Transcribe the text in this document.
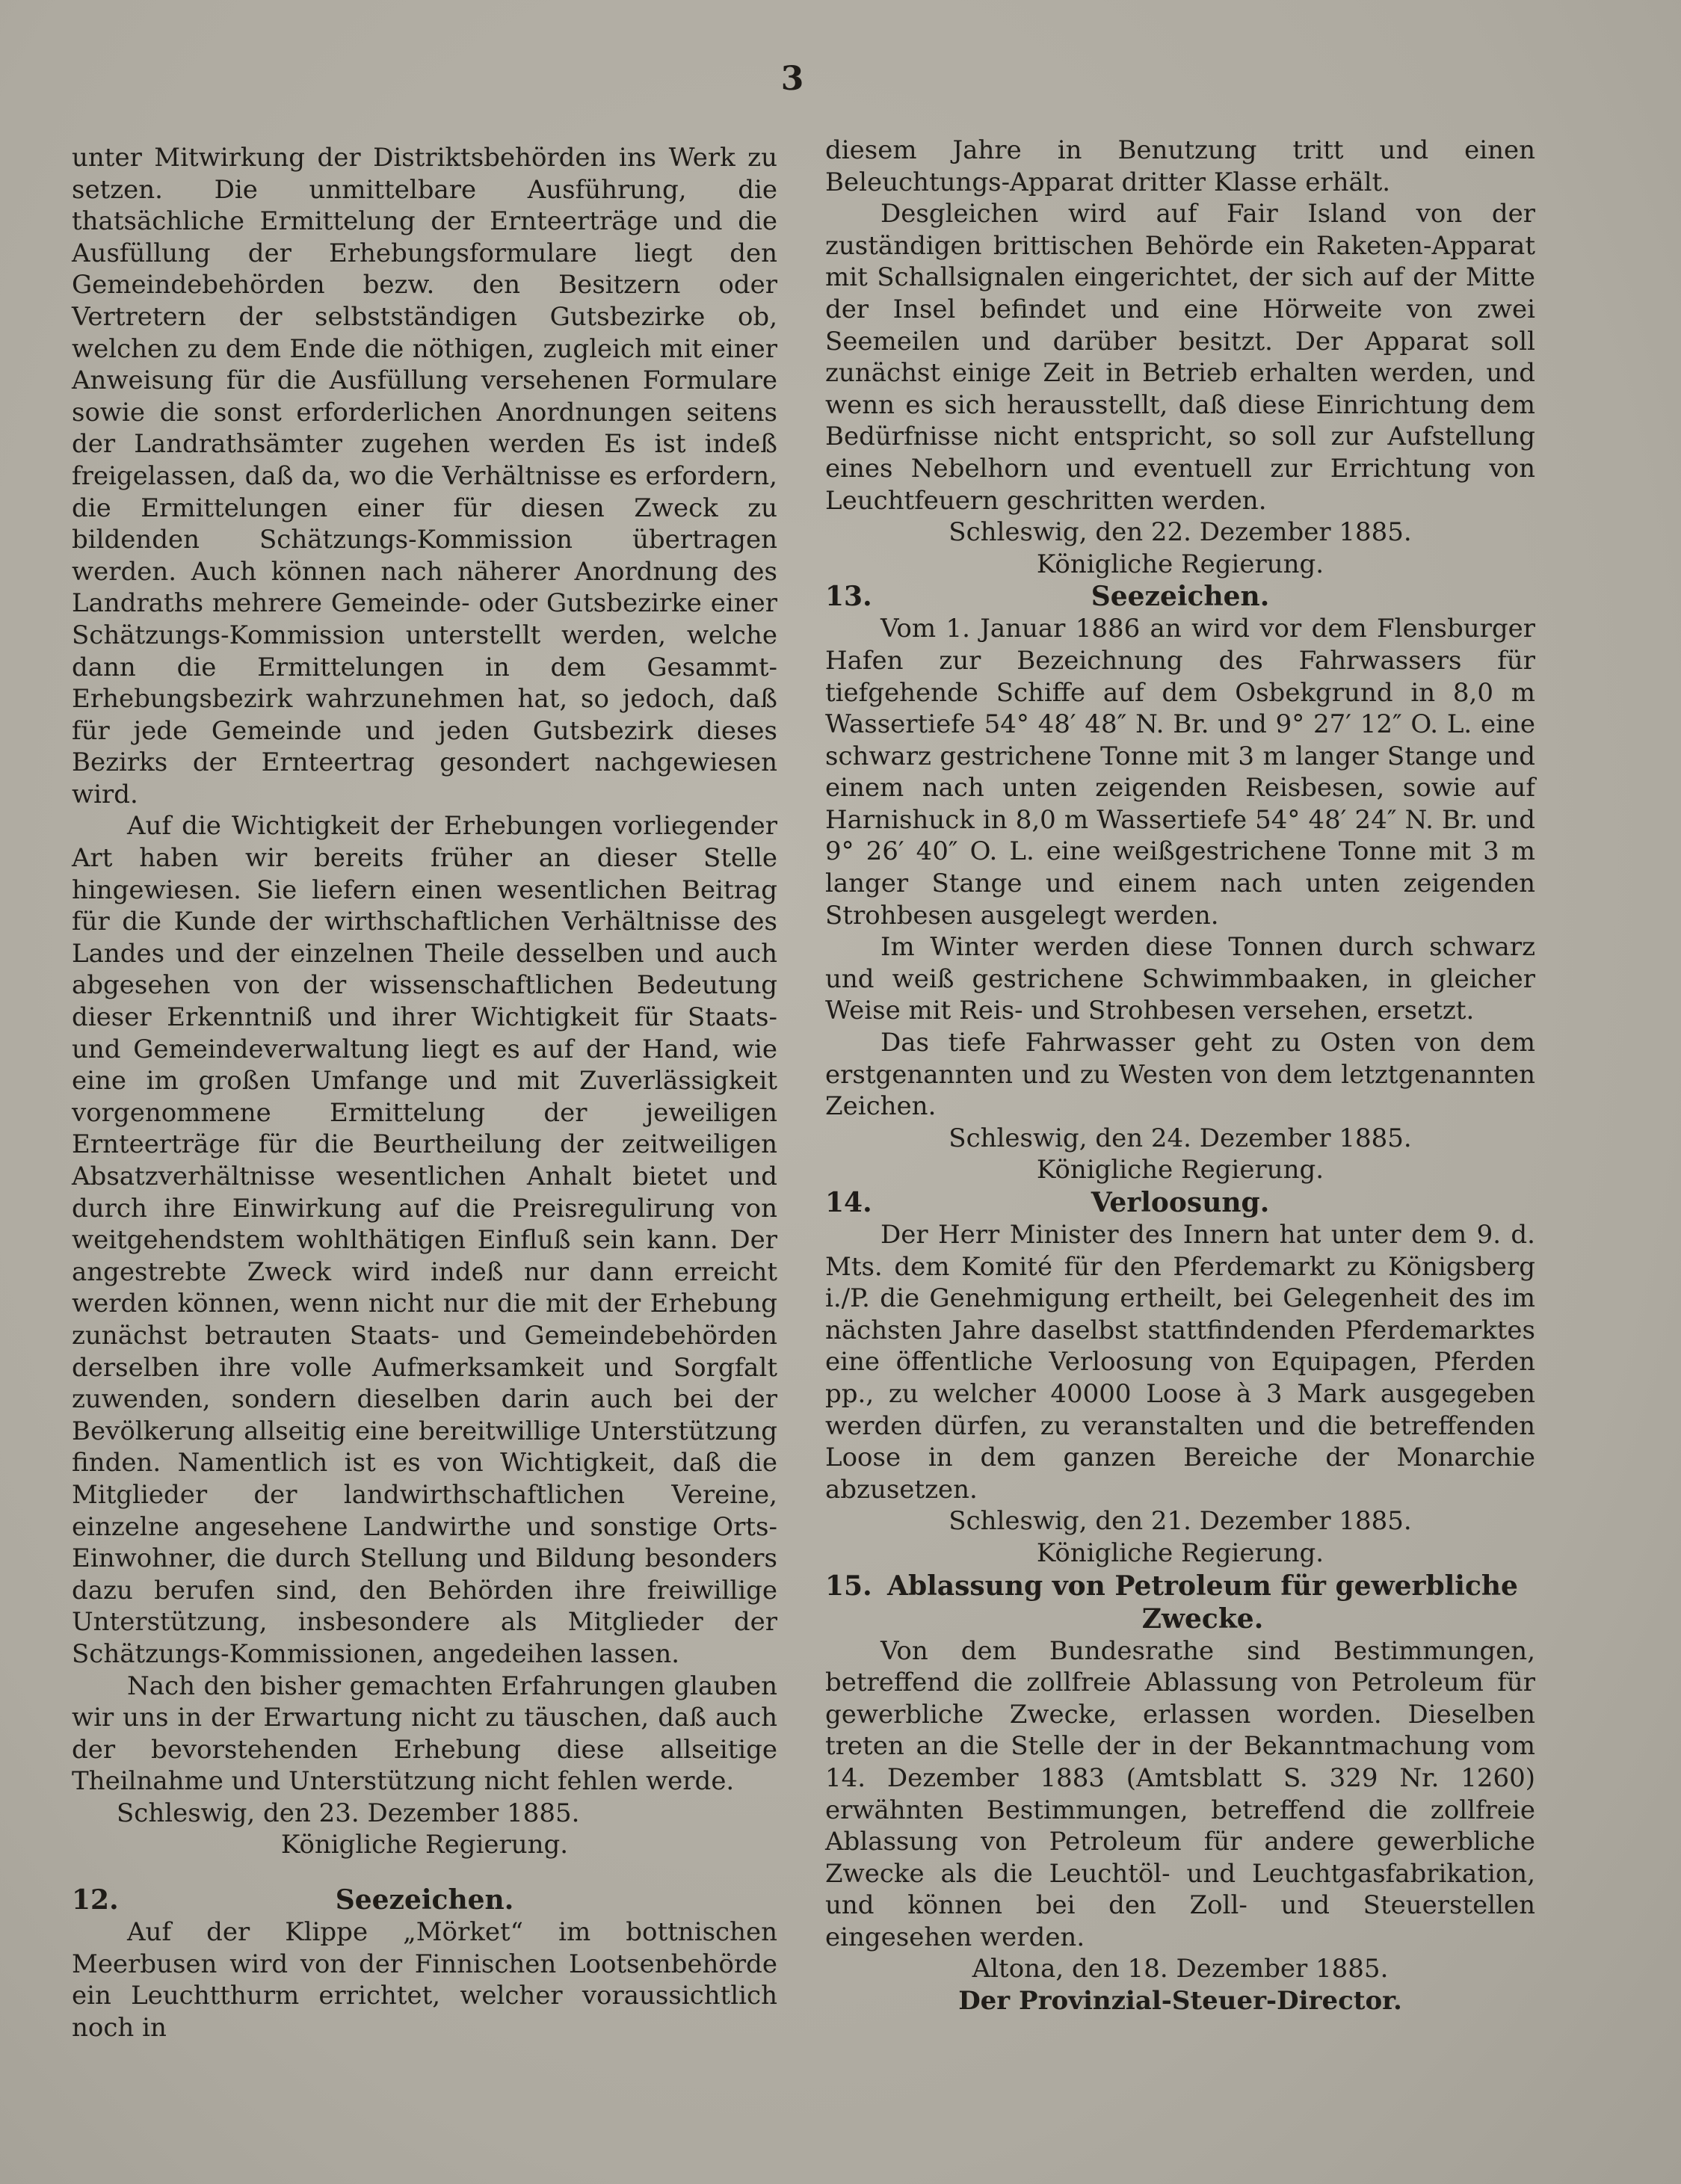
3

unter Mitwirkung der Distriktsbehörden ins Werk zu setzen. Die unmittelbare Ausführung, die thatsächliche Ermittelung der Ernteerträge und die Ausfüllung der Erhebungsformulare liegt den Gemeindebehörden bezw. den Besitzern oder Vertretern der selbstständigen Gutsbezirke ob, welchen zu dem Ende die nöthigen, zugleich mit einer Anweisung für die Ausfüllung versehenen Formulare sowie die sonst erforderlichen Anordnungen seitens der Landrathsämter zugehen werden Es ist indeß freigelassen, daß da, wo die Verhältnisse es erfordern, die Ermittelungen einer für diesen Zweck zu bildenden Schätzungs-Kommission übertragen werden. Auch können nach näherer Anordnung des Landraths mehrere Gemeinde- oder Gutsbezirke einer Schätzungs-Kommission unterstellt werden, welche dann die Ermittelungen in dem Gesammt-Erhebungsbezirk wahrzunehmen hat, so jedoch, daß für jede Gemeinde und jeden Gutsbezirk dieses Bezirks der Ernteertrag gesondert nachgewiesen wird.

Auf die Wichtigkeit der Erhebungen vorliegender Art haben wir bereits früher an dieser Stelle hingewiesen. Sie liefern einen wesentlichen Beitrag für die Kunde der wirthschaftlichen Verhältnisse des Landes und der einzelnen Theile desselben und auch abgesehen von der wissenschaftlichen Bedeutung dieser Erkenntniß und ihrer Wichtigkeit für Staats- und Gemeindeverwaltung liegt es auf der Hand, wie eine im großen Umfange und mit Zuverlässigkeit vorgenommene Ermittelung der jeweiligen Ernteerträge für die Beurtheilung der zeitweiligen Absatzverhältnisse wesentlichen Anhalt bietet und durch ihre Einwirkung auf die Preisregulirung von weitgehendstem wohlthätigen Einfluß sein kann. Der angestrebte Zweck wird indeß nur dann erreicht werden können, wenn nicht nur die mit der Erhebung zunächst betrauten Staats- und Gemeindebehörden derselben ihre volle Aufmerksamkeit und Sorgfalt zuwenden, sondern dieselben darin auch bei der Bevölkerung allseitig eine bereitwillige Unterstützung finden. Namentlich ist es von Wichtigkeit, daß die Mitglieder der landwirthschaftlichen Vereine, einzelne angesehene Landwirthe und sonstige Orts-Einwohner, die durch Stellung und Bildung besonders dazu berufen sind, den Behörden ihre freiwillige Unterstützung, insbesondere als Mitglieder der Schätzungs-Kommissionen, angedeihen lassen.

Nach den bisher gemachten Erfahrungen glauben wir uns in der Erwartung nicht zu täuschen, daß auch der bevorstehenden Erhebung diese allseitige Theilnahme und Unterstützung nicht fehlen werde.

Schleswig, den 23. Dezember 1885.

Königliche Regierung.

12.	Seezeichen.

Auf der Klippe „Mörket“ im bottnischen Meerbusen wird von der Finnischen Lootsenbehörde ein Leuchtthurm errichtet, welcher voraussichtlich noch in

diesem Jahre in Benutzung tritt und einen Beleuchtungs-Apparat dritter Klasse erhält.

Desgleichen wird auf Fair Island von der zuständigen brittischen Behörde ein Raketen-Apparat mit Schallsignalen eingerichtet, der sich auf der Mitte der Insel befindet und eine Hörweite von zwei Seemeilen und darüber besitzt. Der Apparat soll zunächst einige Zeit in Betrieb erhalten werden, und wenn es sich herausstellt, daß diese Einrichtung dem Bedürfnisse nicht entspricht, so soll zur Aufstellung eines Nebelhorn und eventuell zur Errichtung von Leuchtfeuern geschritten werden.

Schleswig, den 22. Dezember 1885.

Königliche Regierung.

13.	Seezeichen.

Vom 1. Januar 1886 an wird vor dem Flensburger Hafen zur Bezeichnung des Fahrwassers für tiefgehende Schiffe auf dem Osbekgrund in 8,0 m Wassertiefe 54° 48′ 48″ N. Br. und 9° 27′ 12″ O. L. eine schwarz gestrichene Tonne mit 3 m langer Stange und einem nach unten zeigenden Reisbesen, sowie auf Harnishuck in 8,0 m Wassertiefe 54° 48′ 24″ N. Br. und 9° 26′ 40″ O. L. eine weißgestrichene Tonne mit 3 m langer Stange und einem nach unten zeigenden Strohbesen ausgelegt werden.

Im Winter werden diese Tonnen durch schwarz und weiß gestrichene Schwimmbaaken, in gleicher Weise mit Reis- und Strohbesen versehen, ersetzt.

Das tiefe Fahrwasser geht zu Osten von dem erstgenannten und zu Westen von dem letztgenannten Zeichen.

Schleswig, den 24. Dezember 1885.

Königliche Regierung.

14.	Verloosung.

Der Herr Minister des Innern hat unter dem 9. d. Mts. dem Komité für den Pferdemarkt zu Königsberg i./P. die Genehmigung ertheilt, bei Gelegenheit des im nächsten Jahre daselbst stattfindenden Pferdemarktes eine öffentliche Verloosung von Equipagen, Pferden pp., zu welcher 40000 Loose à 3 Mark ausgegeben werden dürfen, zu veranstalten und die betreffenden Loose in dem ganzen Bereiche der Monarchie abzusetzen.

Schleswig, den 21. Dezember 1885.

Königliche Regierung.

15. Ablassung von Petroleum für gewerbliche
Zwecke.

Von dem Bundesrathe sind Bestimmungen, betreffend die zollfreie Ablassung von Petroleum für gewerbliche Zwecke, erlassen worden. Dieselben treten an die Stelle der in der Bekanntmachung vom 14. Dezember 1883 (Amtsblatt S. 329 Nr. 1260) erwähnten Bestimmungen, betreffend die zollfreie Ablassung von Petroleum für andere gewerbliche Zwecke als die Leuchtöl- und Leuchtgasfabrikation, und können bei den Zoll- und Steuerstellen eingesehen werden.

Altona, den 18. Dezember 1885.

Der Provinzial-Steuer-Director.
